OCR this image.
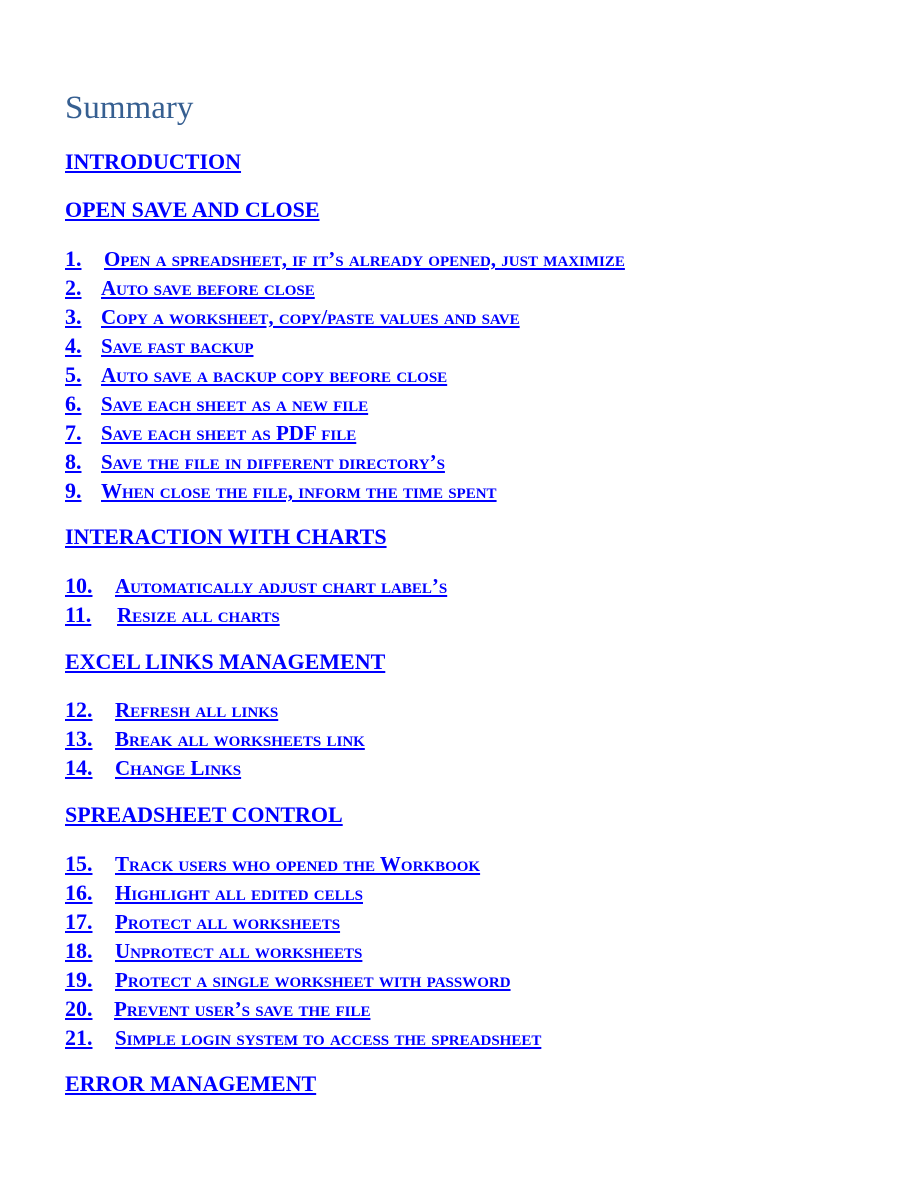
Summary
INTRODUCTION
OPEN SAVE AND CLOSE
INTERACTION WITH CHARTS
EXCEL LINKS MANAGEMENT
SPREADSHEET CONTROL
ERROR MANAGEMENT
1. Open a spreadsheet, if it’s already opened, just maximize
2. Auto save before close
3. Copy a worksheet, copy/paste values and save
4. Save fast backup
5. Auto save a backup copy before close
6. Save each sheet as a new file
7. Save each sheet as PDF file
8. Save the file in different directory’s
9. When close the file, inform the time spent
10. Automatically adjust chart label’s
11. Resize all charts
12. Refresh all links
13. Break all worksheets link
14. Change Links
15. Track users who opened the Workbook
16. Highlight all edited cells
17. Protect all worksheets
18. Unprotect all worksheets
19. Protect a single worksheet with password
20. Prevent user’s save the file
21. Simple login system to access the spreadsheet
